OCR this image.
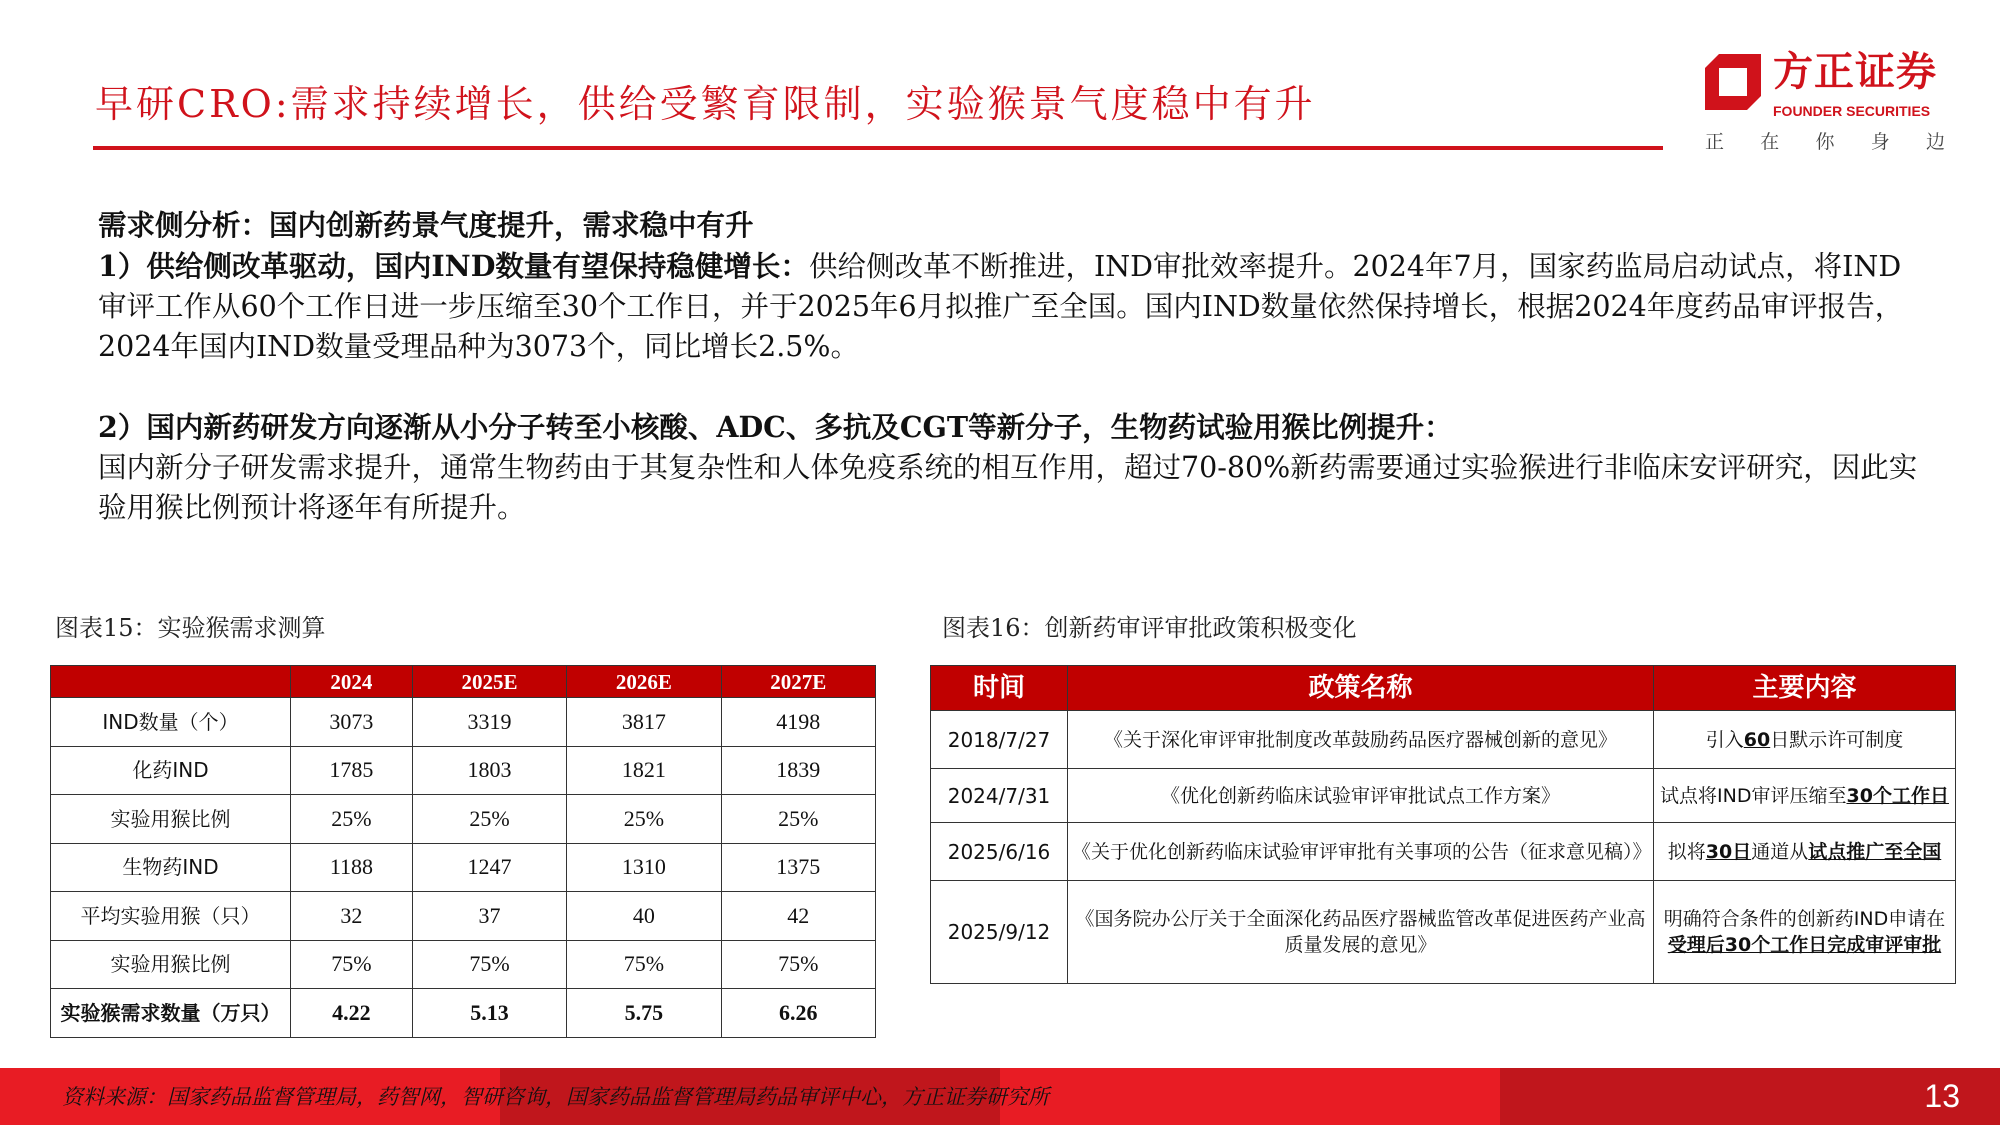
早研CRO:需求持续增长，供给受繁育限制，实验猴景气度稳中有升
方正证券
FOUNDER SECURITIES
正 在 你 身 边

需求侧分析：国内创新药景气度提升，需求稳中有升

1）供给侧改革驱动，国内IND数量有望保持稳健增长：供给侧改革不断推进，IND审批效率提升。2024年7月，国家药监局启动试点，将IND审评工作从60个工作日进一步压缩至30个工作日，并于2025年6月拟推广至全国。国内IND数量依然保持增长，根据2024年度药品审评报告，2024年国内IND数量受理品种为3073个，同比增长2.5%。

2）国内新药研发方向逐渐从小分子转至小核酸、ADC、多抗及CGT等新分子，生物药试验用猴比例提升：
国内新分子研发需求提升，通常生物药由于其复杂性和人体免疫系统的相互作用，超过70-80%新药需要通过实验猴进行非临床安评研究，因此实验用猴比例预计将逐年有所提升。

图表15：实验猴需求测算	图表16：创新药审评审批政策积极变化
	2024	2025E	2026E	2027E
IND数量（个）	3073	3319	3817	4198
化药IND	1785	1803	1821	1839
实验用猴比例	25%	25%	25%	25%
生物药IND	1188	1247	1310	1375
平均实验用猴（只）	32	37	40	42
实验用猴比例	75%	75%	75%	75%
实验猴需求数量（万只）	4.22	5.13	5.75	6.26
时间	政策名称	主要内容
2018/7/27	《关于深化审评审批制度改革鼓励药品医疗器械创新的意见》	引入60日默示许可制度
2024/7/31	《优化创新药临床试验审评审批试点工作方案》	试点将IND审评压缩至30个工作日
2025/6/16	《关于优化创新药临床试验审评审批有关事项的公告（征求意见稿）》	拟将30日通道从试点推广至全国
2025/9/12	《国务院办公厅关于全面深化药品医疗器械监管改革促进医药产业高质量发展的意见》	明确符合条件的创新药IND申请在受理后30个工作日完成审评审批
资料来源：国家药品监督管理局，药智网，智研咨询，国家药品监督管理局药品审评中心，方正证券研究所	13
